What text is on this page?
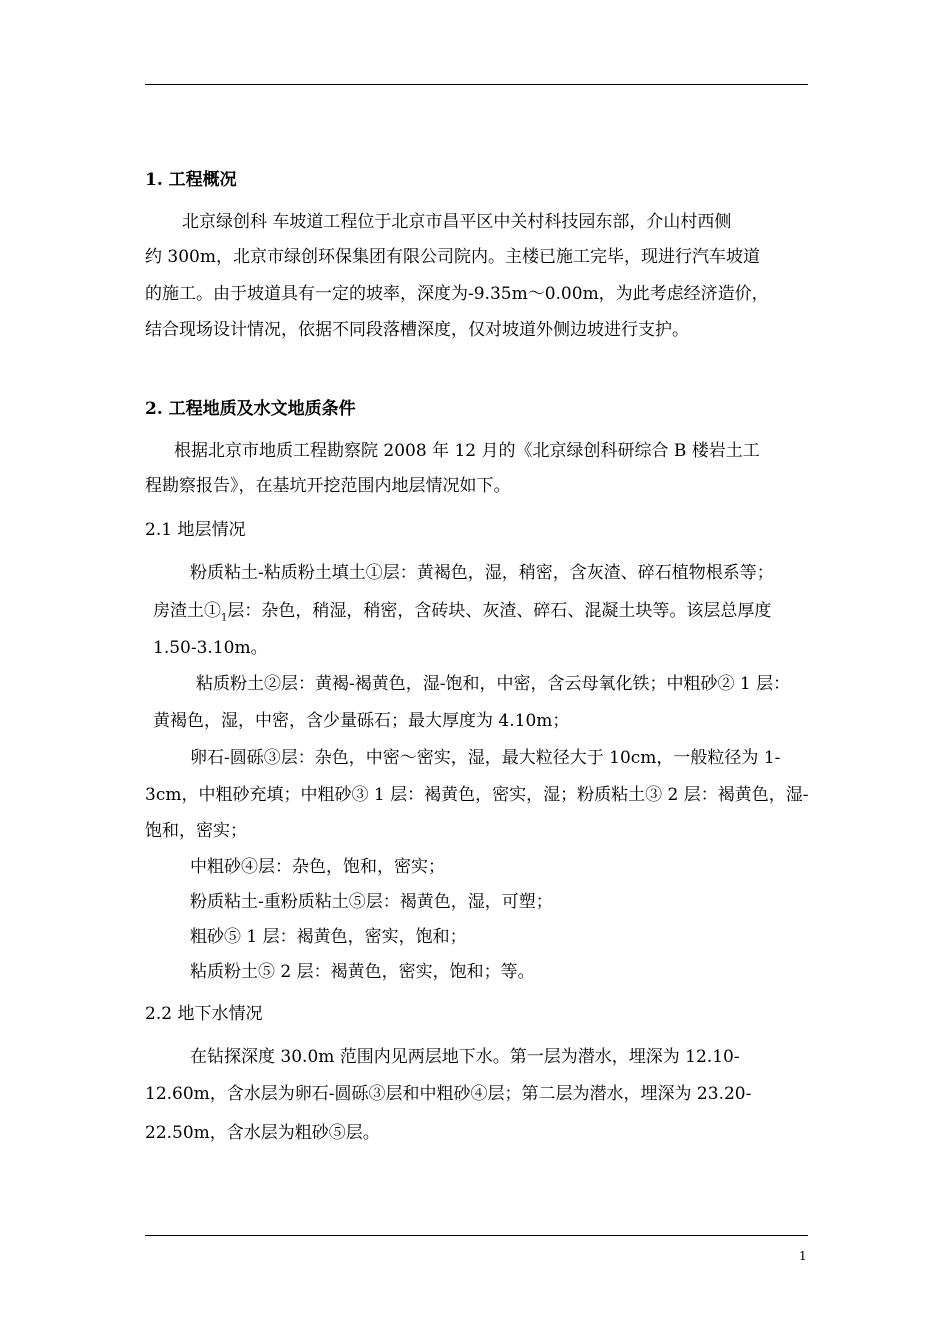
1. 工程概况
北京绿创科 车坡道工程位于北京市昌平区中关村科技园东部，介山村西侧
约 300m，北京市绿创环保集团有限公司院内。主楼已施工完毕，现进行汽车坡道
的施工。由于坡道具有一定的坡率，深度为-9.35m～0.00m，为此考虑经济造价，
结合现场设计情况，依据不同段落槽深度，仅对坡道外侧边坡进行支护。
2. 工程地质及水文地质条件
根据北京市地质工程勘察院 2008 年 12 月的《北京绿创科研综合 B 楼岩土工
程勘察报告》，在基坑开挖范围内地层情况如下。
2.1 地层情况
粉质粘土-粘质粉土填土①层：黄褐色，湿，稍密，含灰渣、碎石植物根系等；
房渣土$①_1$层：杂色，稍湿，稍密，含砖块、灰渣、碎石、混凝土块等。该层总厚度
1.50-3.10m。
粘质粉土②层：黄褐-褐黄色，湿-饱和，中密，含云母氧化铁；中粗砂② 1 层：
黄褐色，湿，中密，含少量砾石；最大厚度为 4.10m；
卵石-圆砾③层：杂色，中密～密实，湿，最大粒径大于 10cm，一般粒径为 1-
3cm，中粗砂充填；中粗砂③ 1 层：褐黄色，密实，湿；粉质粘土③ 2 层：褐黄色，湿-
饱和，密实；
中粗砂④层：杂色，饱和，密实；
粉质粘土-重粉质粘土⑤层：褐黄色，湿，可塑；
粗砂⑤ 1 层：褐黄色，密实，饱和；
粘质粉土⑤ 2 层：褐黄色，密实，饱和；等。
2.2 地下水情况
在钻探深度 30.0m 范围内见两层地下水。第一层为潜水，埋深为 12.10-
12.60m，含水层为卵石-圆砾③层和中粗砂④层；第二层为潜水，埋深为 23.20-
22.50m，含水层为粗砂⑤层。
1
